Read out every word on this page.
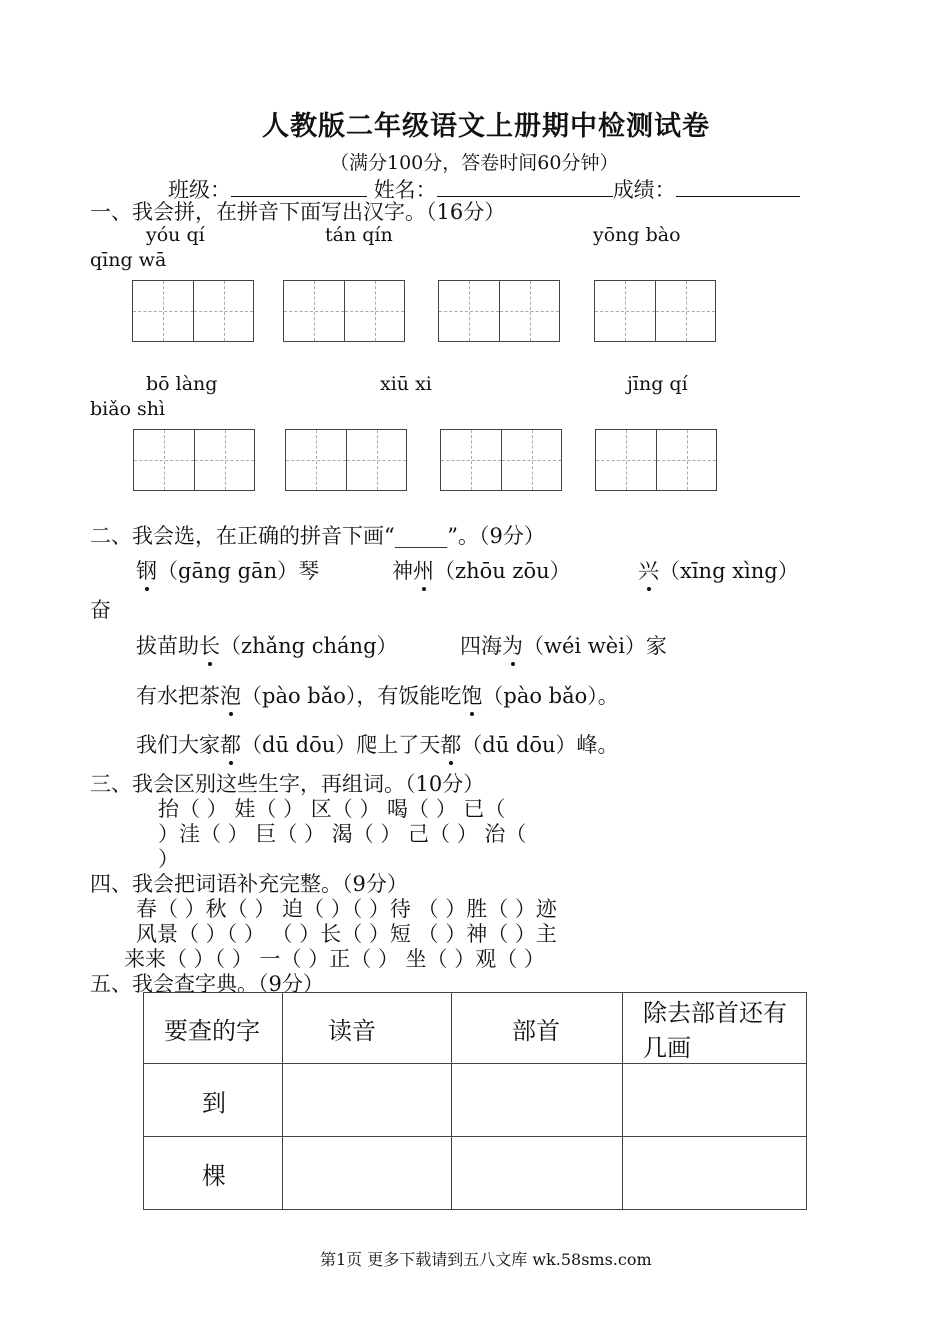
人教版二年级语文上册期中检测试卷
（满分100分，答卷时间60分钟）
班级：	姓名：	成绩：
一、我会拼，在拼音下面写出汉字。（16分）
yóu qí	tán qín	yōng bào
qīng wā
bō làng	xiū xi	jīng qí
biǎo shì
二、我会选，在正确的拼音下画“_____”。（9分）
钢（gāng gān）琴	神州（zhōu zōu）	兴（xīng xìng）
奋
拔苗助长（zhǎng cháng）	四海为（wéi wèi）家
有水把茶泡（pào bǎo），有饭能吃饱（pào bǎo）。
我们大家都（dū dōu）爬上了天都（dū dōu）峰。
三、我会区别这些生字，再组词。（10分）
抬（ ） 娃（ ） 区（ ） 喝（ ） 已（
）洼（ ） 巨（ ） 渴（ ） 己（ ） 治（
）
四、我会把词语补充完整。（9分）
春（ ）秋（ ） 迫（ ）（ ）待 （ ）胜（ ）迹
风景（ ）（ ） （ ）长（ ）短 （ ）神（ ）主
来来（ ）（ ） 一（ ）正（ ） 坐（ ）观（ ）
五、我会查字典。（9分）
要查的字	读音	部首	除去部首还有几画
到			
棵			
第1页 更多下载请到五八文库 wk.58sms.com
